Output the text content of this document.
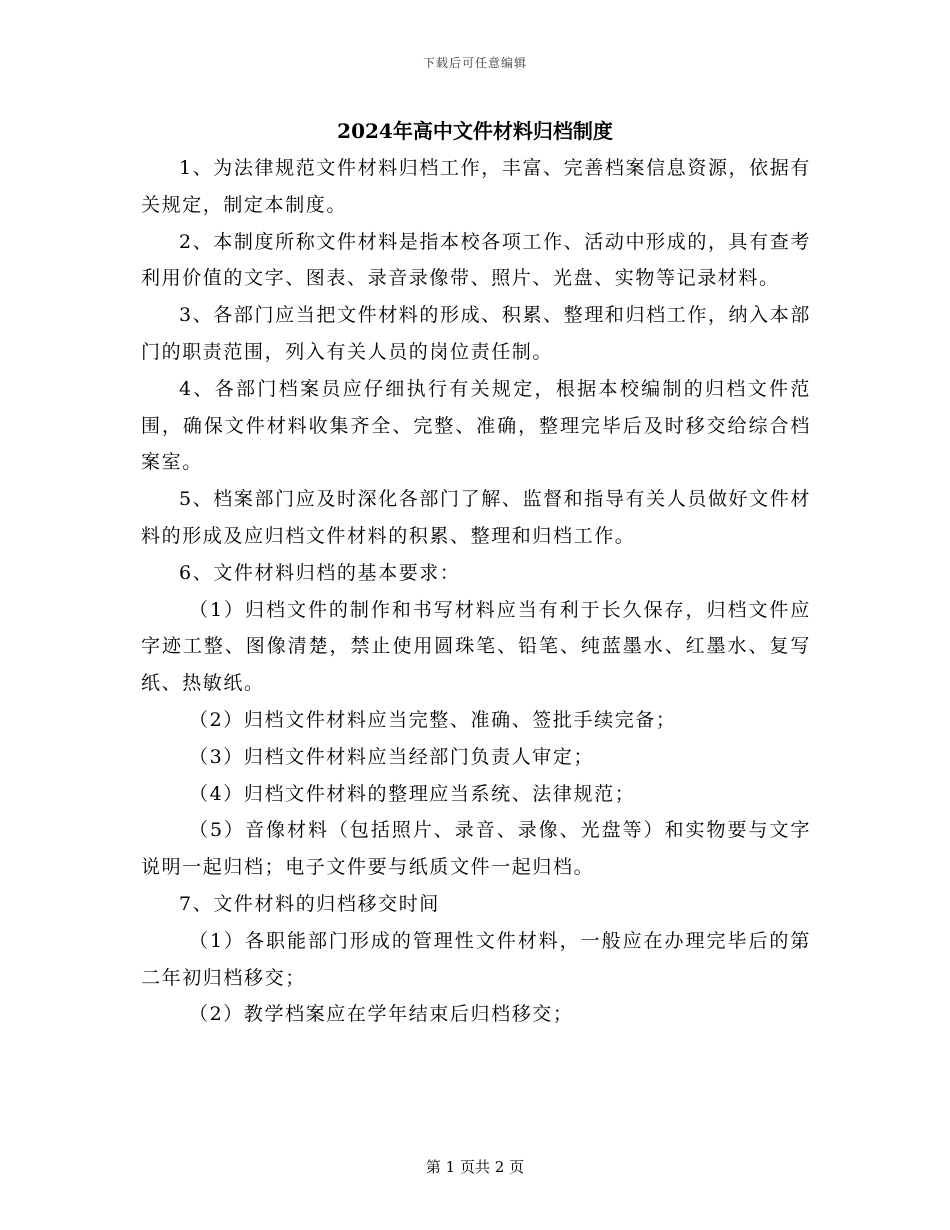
下载后可任意编辑
2024年高中文件材料归档制度

1、为法律规范文件材料归档工作，丰富、完善档案信息资源，依据有关规定，制定本制度。

2、本制度所称文件材料是指本校各项工作、活动中形成的，具有查考利用价值的文字、图表、录音录像带、照片、光盘、实物等记录材料。

3、各部门应当把文件材料的形成、积累、整理和归档工作，纳入本部门的职责范围，列入有关人员的岗位责任制。

4、各部门档案员应仔细执行有关规定，根据本校编制的归档文件范围，确保文件材料收集齐全、完整、准确，整理完毕后及时移交给综合档案室。

5、档案部门应及时深化各部门了解、监督和指导有关人员做好文件材料的形成及应归档文件材料的积累、整理和归档工作。

6、文件材料归档的基本要求：

（1）归档文件的制作和书写材料应当有利于长久保存，归档文件应字迹工整、图像清楚，禁止使用圆珠笔、铅笔、纯蓝墨水、红墨水、复写纸、热敏纸。

（2）归档文件材料应当完整、准确、签批手续完备；

（3）归档文件材料应当经部门负责人审定；

（4）归档文件材料的整理应当系统、法律规范；

（5）音像材料（包括照片、录音、录像、光盘等）和实物要与文字说明一起归档；电子文件要与纸质文件一起归档。

7、文件材料的归档移交时间

（1）各职能部门形成的管理性文件材料，一般应在办理完毕后的第二年初归档移交；

（2）教学档案应在学年结束后归档移交；

第 1 页共 2 页
